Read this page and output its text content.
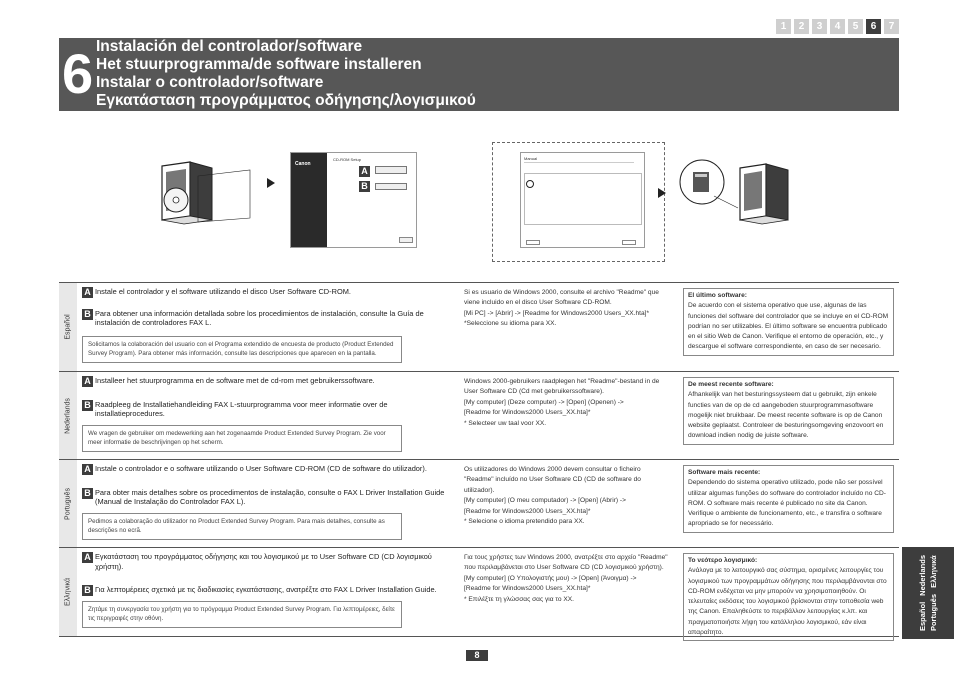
1	2	3	4	5	6	7
6 Instalación del controlador/software
Het stuurprogramma/de software installeren
Instalar o controlador/software
Εγκατάσταση προγράμματος οδήγησης/λογισμικού
Canon
CD-ROM Setup
A
B
Manual
Español
A Instale el controlador y el software utilizando el disco User Software CD-ROM.
B Para obtener una información detallada sobre los procedimientos de instalación, consulte la Guía de instalación de controladores FAX L.
Solicitamos la colaboración del usuario con el Programa extendido de encuesta de producto (Product Extended Survey Program). Para obtener más información, consulte las descripciones que aparecen en la pantalla.
Si es usuario de Windows 2000, consulte el archivo "Readme" que viene incluido en el disco User Software CD-ROM.
[Mi PC] -> [Abrir] -> [Readme for Windows2000 Users_XX.hta]*
*Seleccione su idioma para XX.
El último software:
De acuerdo con el sistema operativo que use, algunas de las funciones del software del controlador que se incluye en el CD-ROM podrían no ser utilizables. El último software se encuentra publicado en el sitio Web de Canon. Verifique el entorno de operación, etc., y descargue el software correspondiente, en caso de ser necesario.
Nederlands
A Installeer het stuurprogramma en de software met de cd-rom met gebruikerssoftware.
B Raadpleeg de Installatiehandleiding FAX L-stuurprogramma voor meer informatie over de installatieprocedures.
We vragen de gebruiker om medewerking aan het zogenaamde Product Extended Survey Program. Zie voor meer informatie de beschrijvingen op het scherm.
Windows 2000-gebruikers raadplegen het "Readme"-bestand in de User Software CD (Cd met gebruikerssoftware).
[My computer] (Deze computer) -> [Open] (Openen) ->
[Readme for Windows2000 Users_XX.hta]*
* Selecteer uw taal voor XX.
De meest recente software:
Afhankelijk van het besturingssysteem dat u gebruikt, zijn enkele functies van de op de cd aangeboden stuurprogrammasoftware mogelijk niet bruikbaar. De meest recente software is op de Canon website geplaatst. Controleer de besturingsomgeving enzovoort en download indien nodig de juiste software.
Português
A Instale o controlador e o software utilizando o User Software CD-ROM (CD de software do utilizador).
B Para obter mais detalhes sobre os procedimentos de instalação, consulte o FAX L Driver Installation Guide (Manual de Instalação do Controlador FAX L).
Pedimos a colaboração do utilizador no Product Extended Survey Program. Para mais detalhes, consulte as descrições no ecrã.
Os utilizadores do Windows 2000 devem consultar o ficheiro "Readme" incluído no User Software CD (CD de software do utilizador).
[My computer] (O meu computador) -> [Open] (Abrir) ->
[Readme for Windows2000 Users_XX.hta]*
* Selecione o idioma pretendido para XX.
Software mais recente:
Dependendo do sistema operativo utilizado, pode não ser possível utilizar algumas funções do software do controlador incluído no CD-ROM. O software mais recente é publicado no site da Canon. Verifique o ambiente de funcionamento, etc., e transfira o software apropriado se for necessário.
Ελληνικά
A Εγκατάσταση του προγράμματος οδήγησης και του λογισμικού με το User Software CD (CD λογισμικού χρήστη).
B Για λεπτομέρειες σχετικά με τις διαδικασίες εγκατάστασης, ανατρέξτε στο FAX L Driver Installation Guide.
Ζητάμε τη συνεργασία του χρήστη για το πρόγραμμα Product Extended Survey Program. Για λεπτομέρειες, δείτε τις περιγραφές στην οθόνη.
Για τους χρήστες των Windows 2000, ανατρέξτε στο αρχείο "Readme" που περιλαμβάνεται στο User Software CD (CD λογισμικού χρήστη).
[My computer] (Ο Υπολογιστής μου) -> [Open] (Άνοιγμα) ->
[Readme for Windows2000 Users_XX.hta]*
* Επιλέξτε τη γλώσσας σας για το XX.
Το νεότερο λογισμικό:
Ανάλογα με το λειτουργικό σας σύστημα, ορισμένες λειτουργίες του λογισμικού των προγραμμάτων οδήγησης που περιλαμβάνονται στο CD-ROM ενδέχεται να μην μπορούν να χρησιμοποιηθούν. Οι τελευταίες εκδόσεις του λογισμικού βρίσκονται στην τοποθεσία web της Canon. Επαληθεύστε το περιβάλλον λειτουργίας κ.λπ. και πραγματοποιήστε λήψη του κατάλληλου λογισμικού, εάν είναι απαραίτητο.
8
Español
Nederlands
Português
Ελληνικά
